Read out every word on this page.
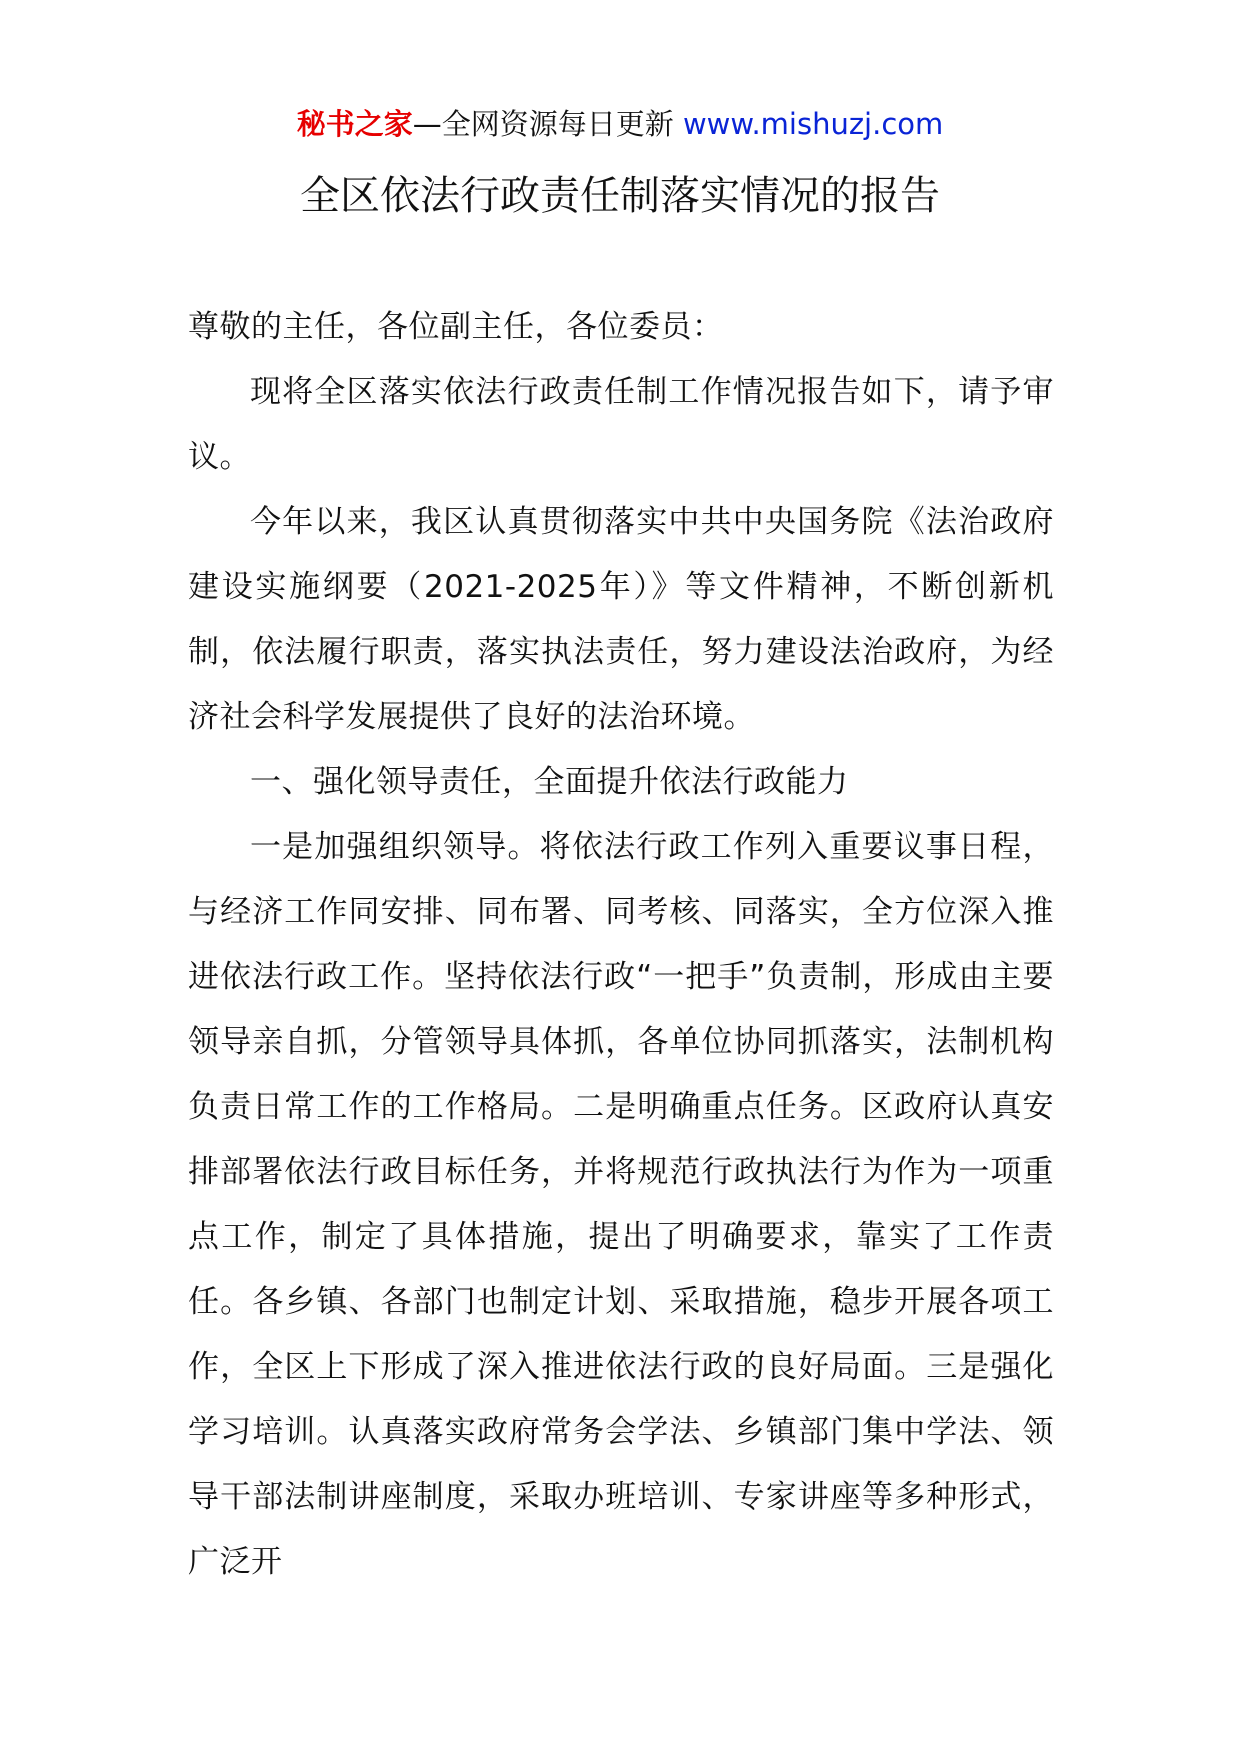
秘书之家—全网资源每日更新 www.mishuzj.com
全区依法行政责任制落实情况的报告

尊敬的主任，各位副主任，各位委员：

现将全区落实依法行政责任制工作情况报告如下，请予审议。

今年以来，我区认真贯彻落实中共中央国务院《法治政府建设实施纲要（2021-2025年）》等文件精神，不断创新机制，依法履行职责，落实执法责任，努力建设法治政府，为经济社会科学发展提供了良好的法治环境。

一、强化领导责任，全面提升依法行政能力

一是加强组织领导。将依法行政工作列入重要议事日程，与经济工作同安排、同布署、同考核、同落实，全方位深入推进依法行政工作。坚持依法行政“一把手”负责制，形成由主要领导亲自抓，分管领导具体抓，各单位协同抓落实，法制机构负责日常工作的工作格局。二是明确重点任务。区政府认真安排部署依法行政目标任务，并将规范行政执法行为作为一项重点工作，制定了具体措施，提出了明确要求，靠实了工作责任。各乡镇、各部门也制定计划、采取措施，稳步开展各项工作，全区上下形成了深入推进依法行政的良好局面。三是强化学习培训。认真落实政府常务会学法、乡镇部门集中学法、领导干部法制讲座制度，采取办班培训、专家讲座等多种形式，广泛开
